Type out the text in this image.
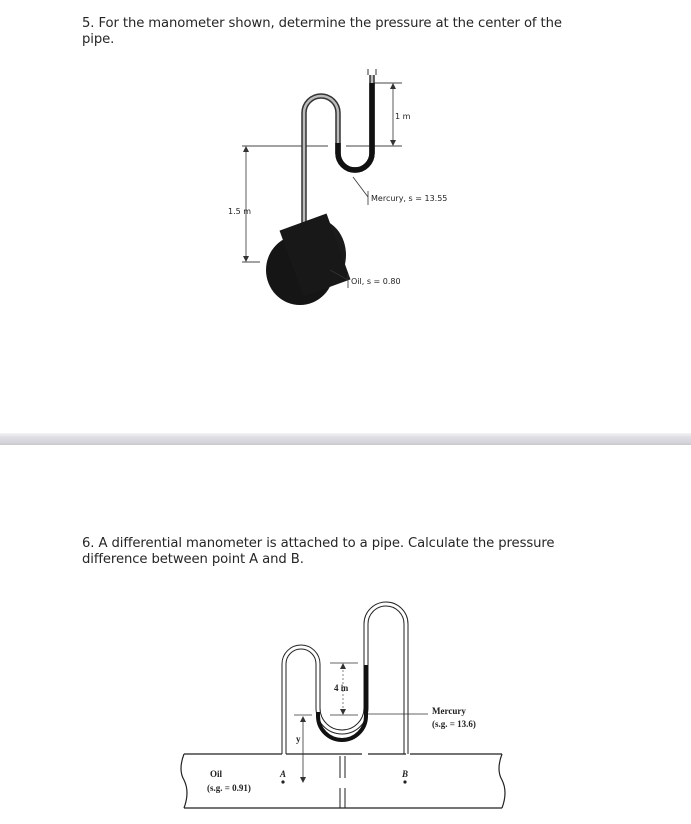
5. For the manometer shown, determine the pressure at the center of the pipe.
1 m
1.5 m
Mercury, s = 13.55
Oil, s = 0.80
6. A differential manometer is attached to a pipe. Calculate the pressure difference between point A and B.
4 in
y
Mercury
(s.g. = 13.6)
Oil
(s.g. = 0.91)
A	B
